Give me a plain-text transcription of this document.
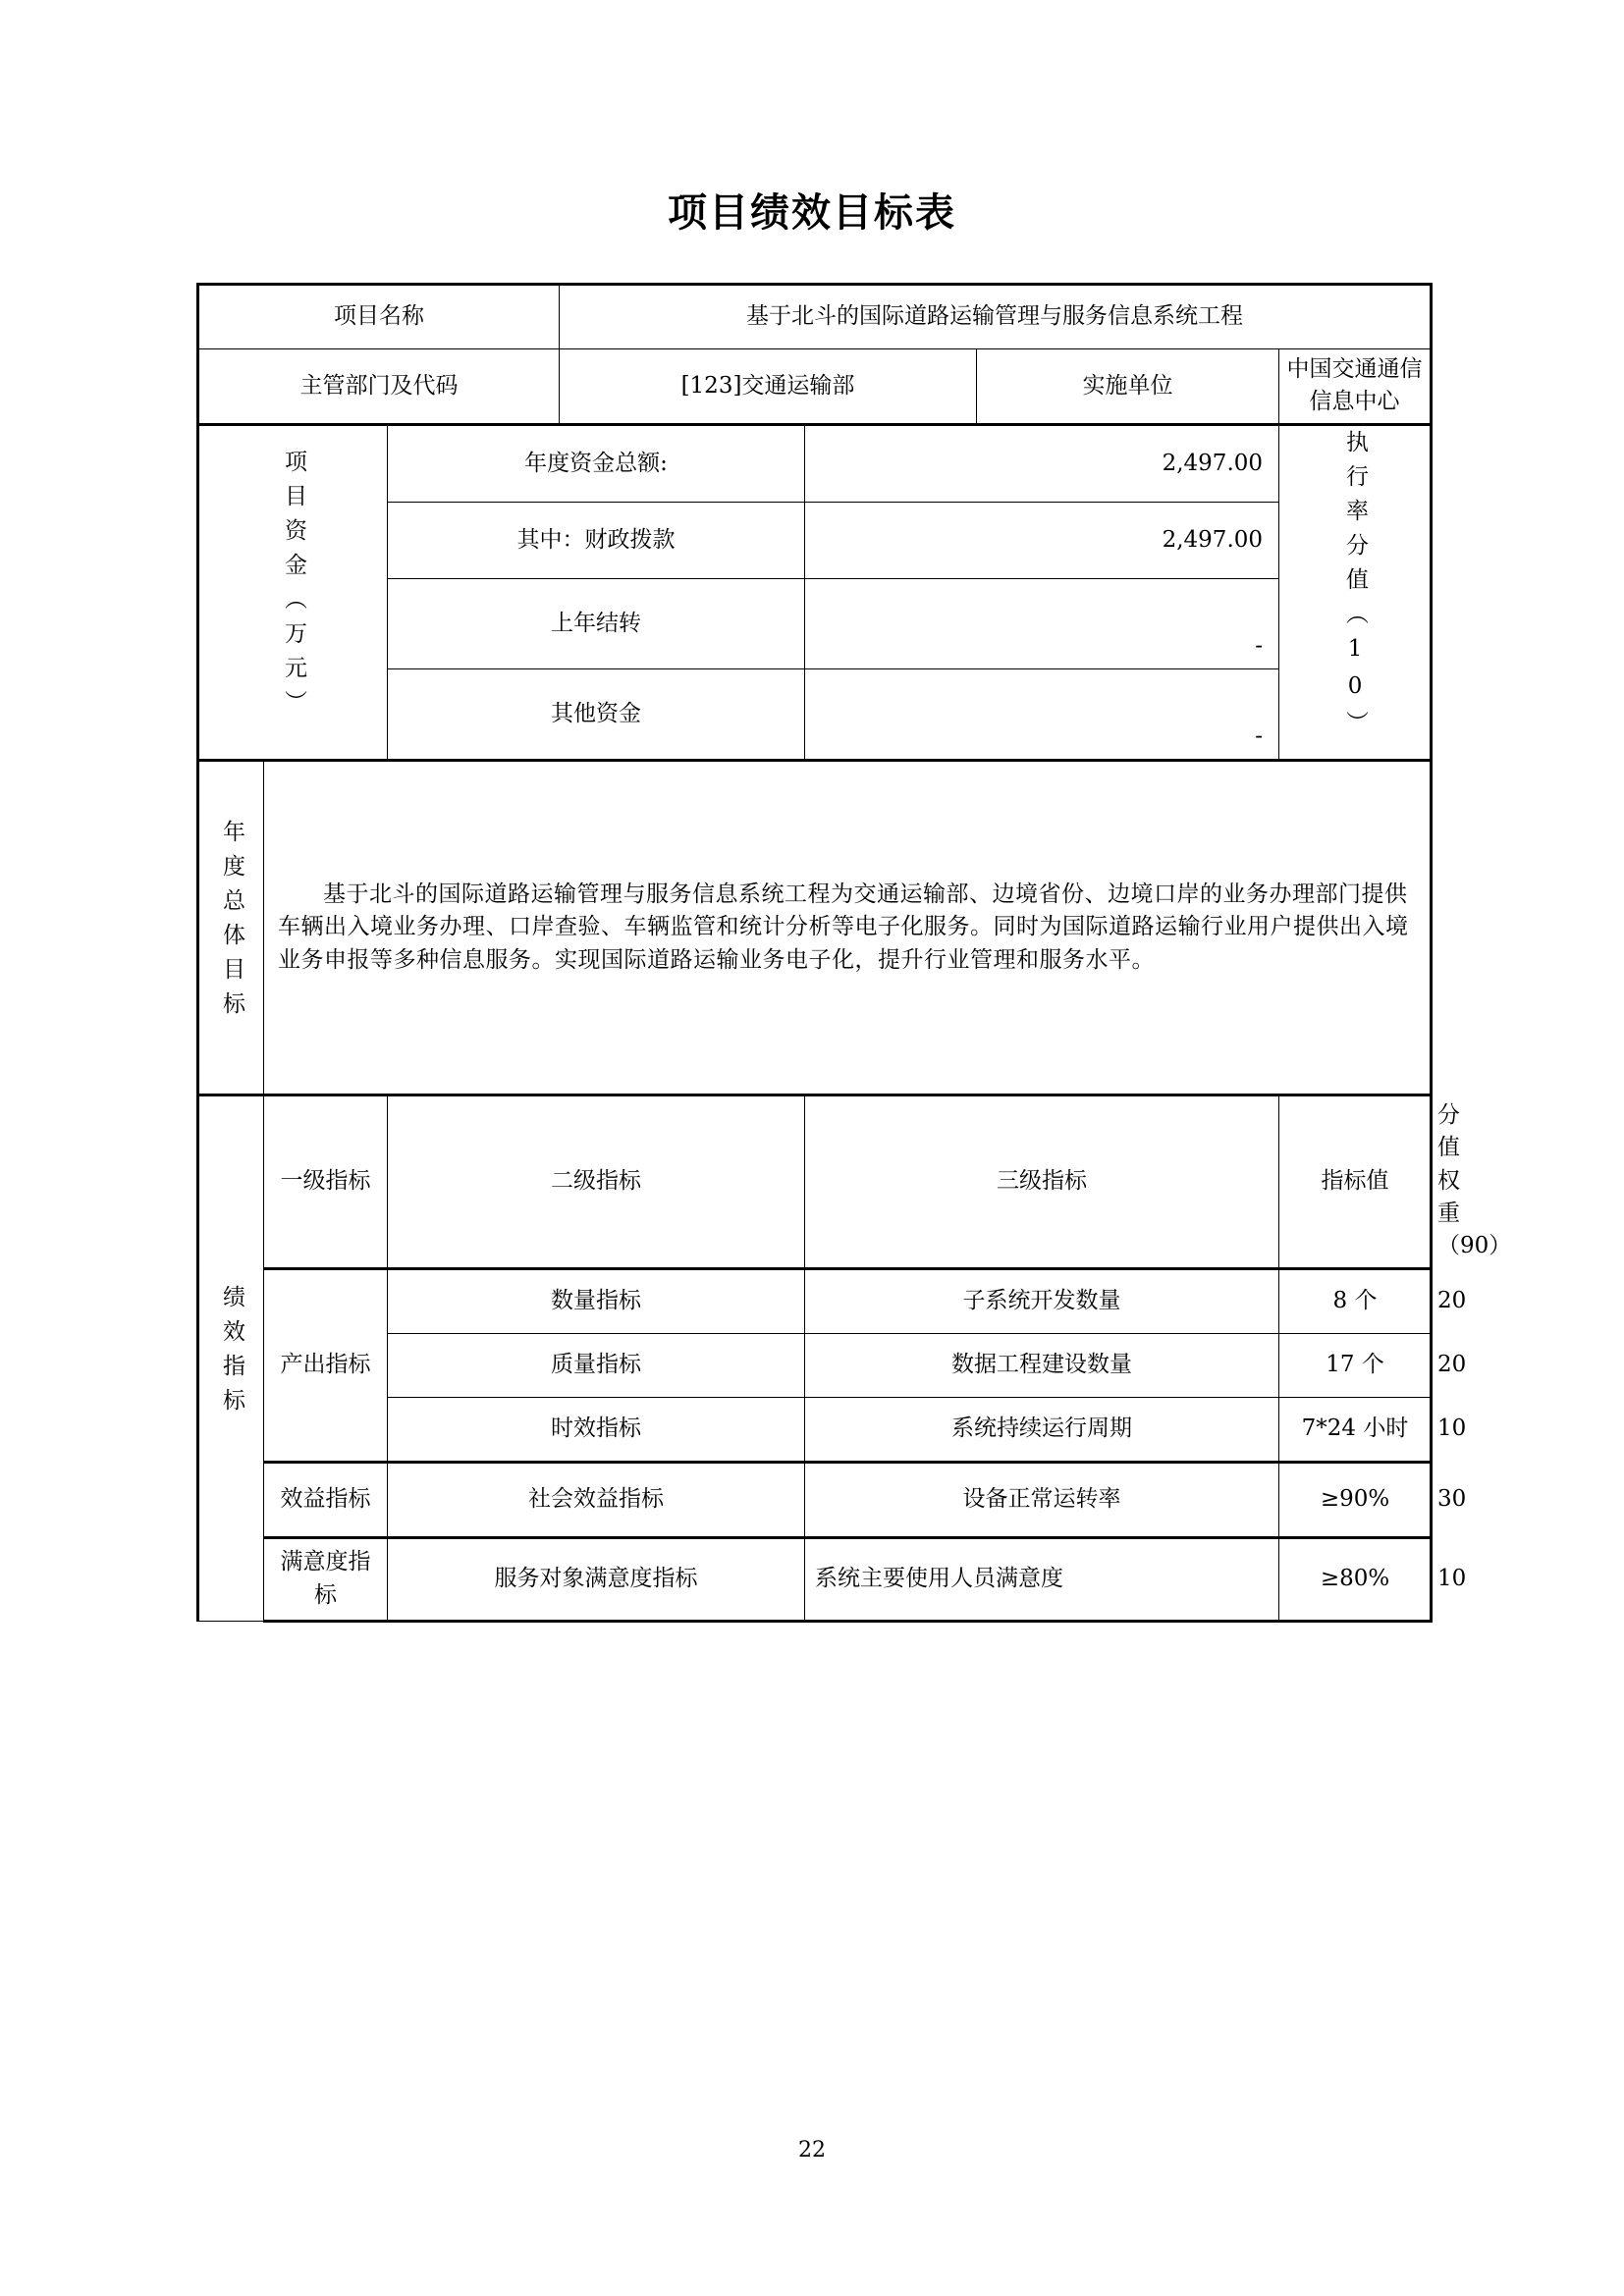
项目绩效目标表
项目名称			基于北斗的国际道路运输管理与服务信息系统工程				
主管部门及代码			[123]交通运输部		实施单位	中国交通通信信息中心	
项目资金（万元）		年度资金总额:		2,497.00		执行率分值（10）	
		其中：财政拨款		2,497.00			
		上年结转		-			
		其他资金		-			
年度总体目标	基于北斗的国际道路运输管理与服务信息系统工程为交通运输部、边境省份、边境口岸的业务办理部门提供车辆出入境业务办理、口岸查验、车辆监管和统计分析等电子化服务。同时为国际道路运输行业用户提供出入境业务申报等多种信息服务。实现国际道路运输业务电子化，提升行业管理和服务水平。						
绩效指标	一级指标	二级指标		三级指标		指标值	分值权重（90）
	产出指标	数量指标		子系统开发数量		8 个	20
		质量指标		数据工程建设数量		17 个	20
		时效指标		系统持续运行周期		7*24 小时	10
	效益指标	社会效益指标		设备正常运转率		≥90%	30
	满意度指标	服务对象满意度指标		系统主要使用人员满意度		≥80%	10
22
